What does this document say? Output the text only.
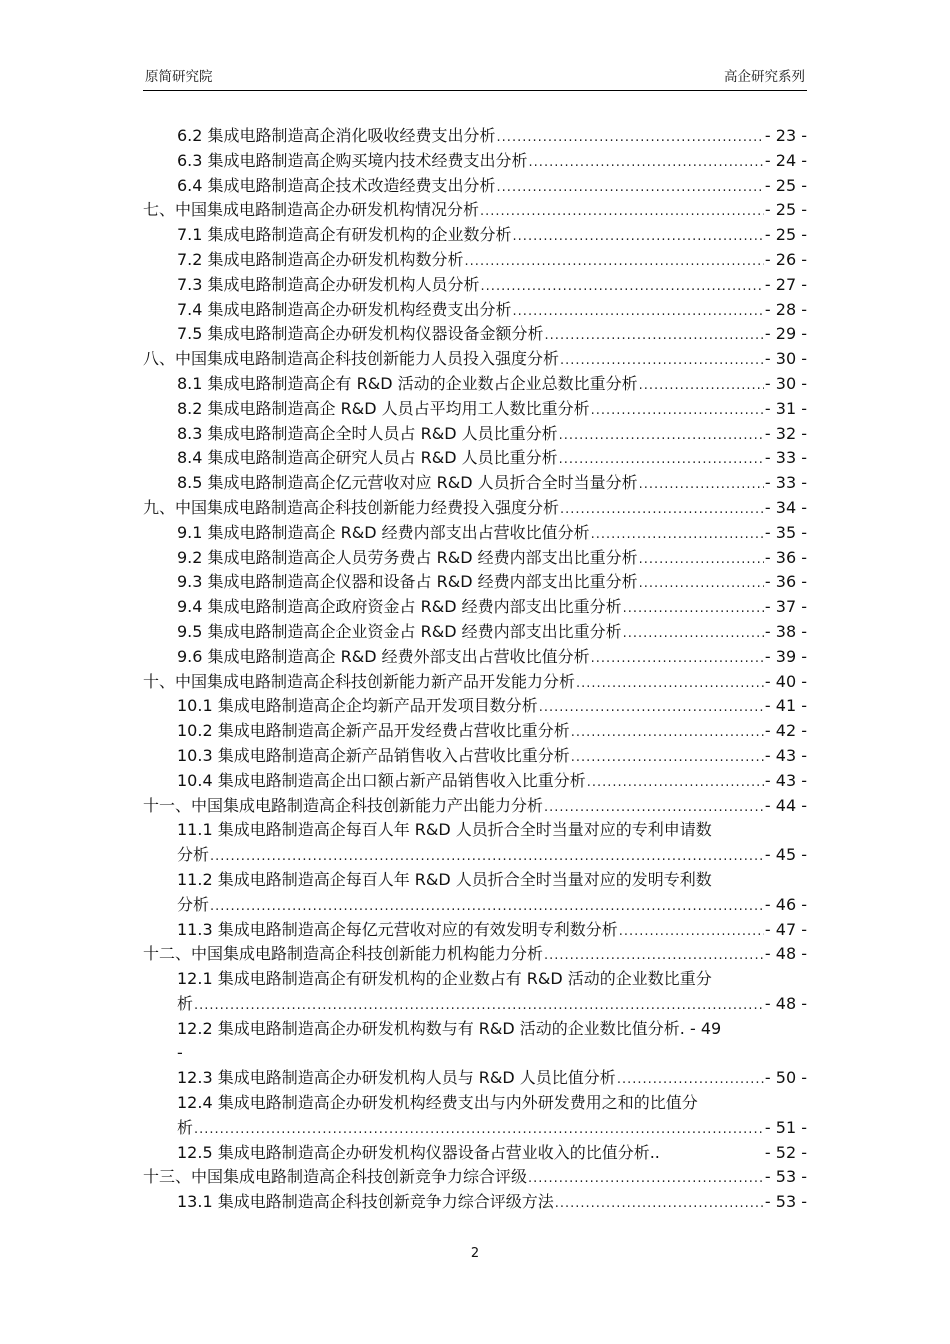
原简研究院	高企研究系列
6.2 集成电路制造高企消化吸收经费支出分析 .....	- 23 -
6.3 集成电路制造高企购买境内技术经费支出分析 .....	- 24 -
6.4 集成电路制造高企技术改造经费支出分析 .....	- 25 -
七、中国集成电路制造高企办研发机构情况分析 .....	- 25 -
7.1 集成电路制造高企有研发机构的企业数分析 .....	- 25 -
7.2 集成电路制造高企办研发机构数分析 .....	- 26 -
7.3 集成电路制造高企办研发机构人员分析 .....	- 27 -
7.4 集成电路制造高企办研发机构经费支出分析 .....	- 28 -
7.5 集成电路制造高企办研发机构仪器设备金额分析 .....	- 29 -
八、中国集成电路制造高企科技创新能力人员投入强度分析 .....	- 30 -
8.1 集成电路制造高企有 R&D 活动的企业数占企业总数比重分析 .....	- 30 -
8.2 集成电路制造高企 R&D 人员占平均用工人数比重分析 .....	- 31 -
8.3 集成电路制造高企全时人员占 R&D 人员比重分析 .....	- 32 -
8.4 集成电路制造高企研究人员占 R&D 人员比重分析 .....	- 33 -
8.5 集成电路制造高企亿元营收对应 R&D 人员折合全时当量分析 .....	- 33 -
九、中国集成电路制造高企科技创新能力经费投入强度分析 .....	- 34 -
9.1 集成电路制造高企 R&D 经费内部支出占营收比值分析 .....	- 35 -
9.2 集成电路制造高企人员劳务费占 R&D 经费内部支出比重分析 .....	- 36 -
9.3 集成电路制造高企仪器和设备占 R&D 经费内部支出比重分析 .....	- 36 -
9.4 集成电路制造高企政府资金占 R&D 经费内部支出比重分析 .....	- 37 -
9.5 集成电路制造高企企业资金占 R&D 经费内部支出比重分析 .....	- 38 -
9.6 集成电路制造高企 R&D 经费外部支出占营收比值分析 .....	- 39 -
十、中国集成电路制造高企科技创新能力新产品开发能力分析 .....	- 40 -
10.1 集成电路制造高企企均新产品开发项目数分析 .....	- 41 -
10.2 集成电路制造高企新产品开发经费占营收比重分析 .....	- 42 -
10.3 集成电路制造高企新产品销售收入占营收比重分析 .....	- 43 -
10.4 集成电路制造高企出口额占新产品销售收入比重分析 .....	- 43 -
十一、中国集成电路制造高企科技创新能力产出能力分析 .....	- 44 -
11.1 集成电路制造高企每百人年 R&D 人员折合全时当量对应的专利申请数
分析 .....	- 45 -
11.2 集成电路制造高企每百人年 R&D 人员折合全时当量对应的发明专利数
分析 .....	- 46 -
11.3 集成电路制造高企每亿元营收对应的有效发明专利数分析 .....	- 47 -
十二、中国集成电路制造高企科技创新能力机构能力分析 .....	- 48 -
12.1 集成电路制造高企有研发机构的企业数占有 R&D 活动的企业数比重分
析 .....	- 48 -
12.2 集成电路制造高企办研发机构数与有 R&D 活动的企业数比值分析. - 49
-
12.3 集成电路制造高企办研发机构人员与 R&D 人员比值分析 .....	- 50 -
12.4 集成电路制造高企办研发机构经费支出与内外研发费用之和的比值分
析 .....	- 51 -
12.5 集成电路制造高企办研发机构仪器设备占营业收入的比值分析..	- 52 -
十三、中国集成电路制造高企科技创新竞争力综合评级 .....	- 53 -
13.1 集成电路制造高企科技创新竞争力综合评级方法 .....	- 53 -
2
